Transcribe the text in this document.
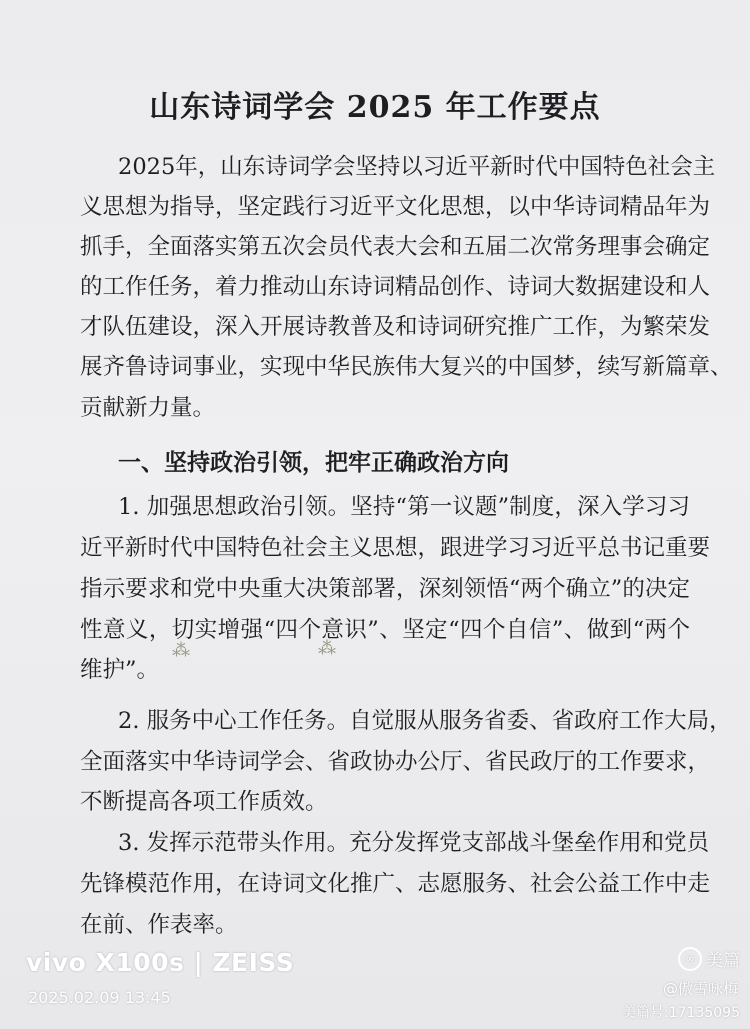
山东诗词学会 2025 年工作要点
2025年，山东诗词学会坚持以习近平新时代中国特色社会主
义思想为指导，坚定践行习近平文化思想，以中华诗词精品年为
抓手，全面落实第五次会员代表大会和五届二次常务理事会确定
的工作任务，着力推动山东诗词精品创作、诗词大数据建设和人
才队伍建设，深入开展诗教普及和诗词研究推广工作，为繁荣发
展齐鲁诗词事业，实现中华民族伟大复兴的中国梦，续写新篇章、
贡献新力量。
一、坚持政治引领，把牢正确政治方向
1. 加强思想政治引领。坚持“第一议题”制度，深入学习习
近平新时代中国特色社会主义思想，跟进学习习近平总书记重要
指示要求和党中央重大决策部署，深刻领悟“两个确立”的决定
性意义，切实增强“四个意识”、坚定“四个自信”、做到“两个
维护”。
⁂	⁂
2. 服务中心工作任务。自觉服从服务省委、省政府工作大局，
全面落实中华诗词学会、省政协办公厅、省民政厅的工作要求，
不断提高各项工作质效。
3. 发挥示范带头作用。充分发挥党支部战斗堡垒作用和党员
先锋模范作用，在诗词文化推广、志愿服务、社会公益工作中走
在前、作表率。
vivo X100s | ZEISS
2025.02.09 13:45
∞ 美篇
@傲雪咏梅
美篇号:17135095
